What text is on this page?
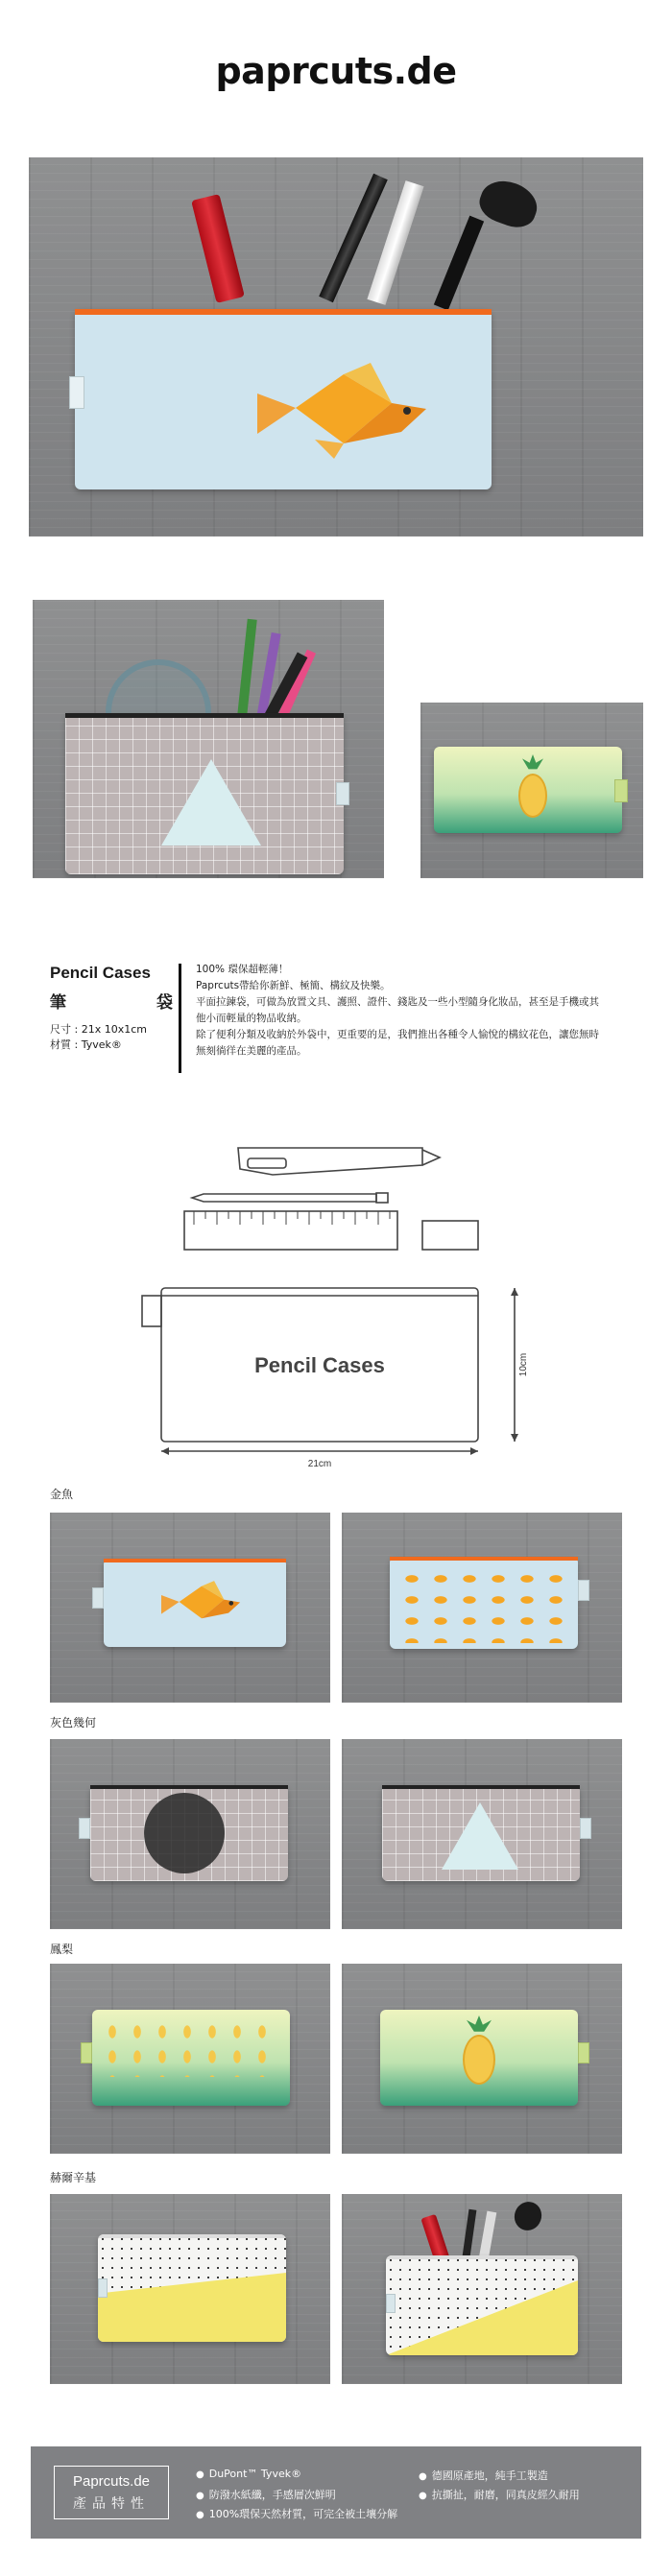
paprcuts.de
Pencil Cases
筆	袋
尺寸 : 21x 10x1cm
材質 : Tyvek®

100% 環保超輕薄！

Paprcuts帶給你新鮮、極簡、構紋及快樂。

平面拉鍊袋，可做為放置文具、護照、證件、錢匙及一些小型隨身化妝品，甚至是手機或其他小而輕量的物品收納。

除了便利分類及收納於外袋中，更重要的是，我們推出各種令人愉悅的構紋花色，讓您無時無刻徜徉在美麗的產品。

Pencil Cases
21cm
10cm
金魚
灰色幾何
鳳梨
赫爾辛基
Paprcuts.de
產品特性
● DuPont™ Tyvek®	● 德國原產地，純手工製造
● 防潑水紙纖，手感層次鮮明	● 抗撕扯，耐磨，同真皮經久耐用
● 100%環保天然材質，可完全被土壤分解
